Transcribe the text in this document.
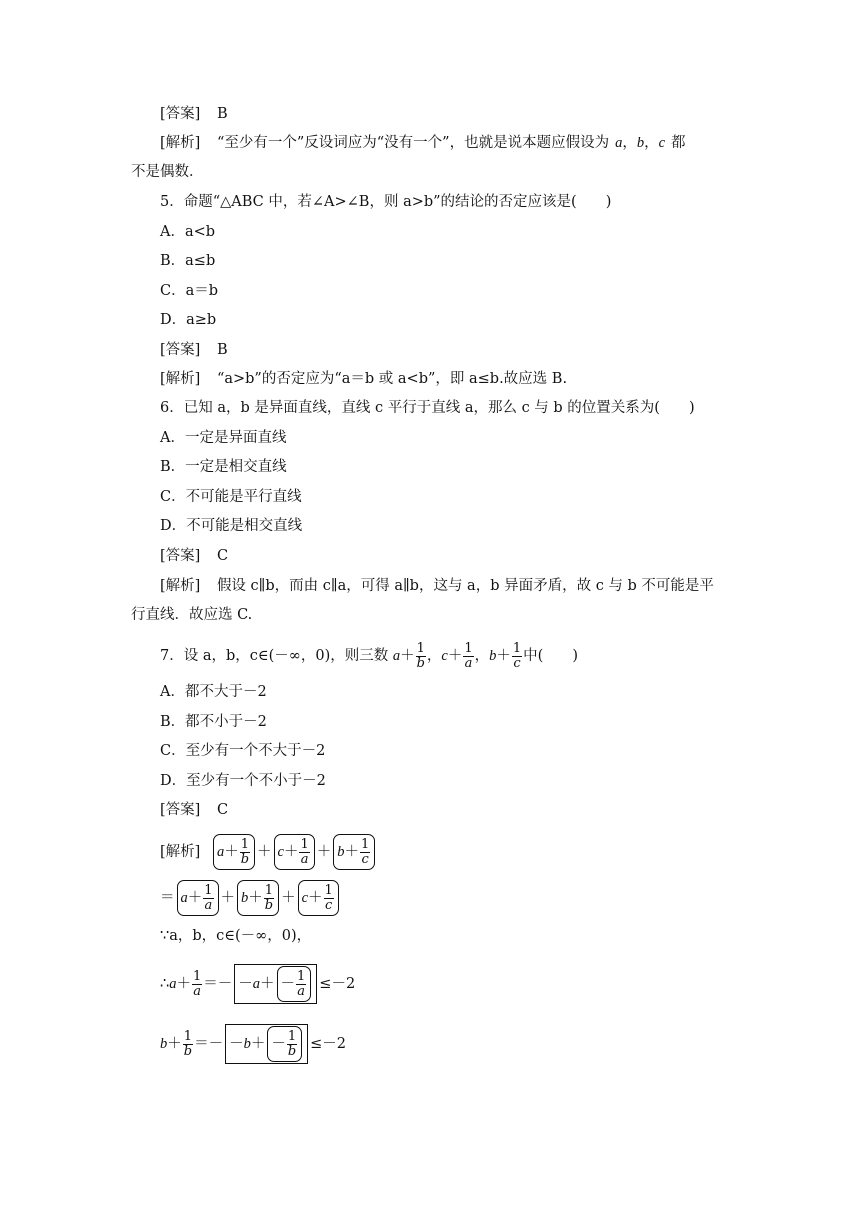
[答案] B
[解析] “至少有一个”反设词应为“没有一个”，也就是说本题应假设为 a，b，c 都
不是偶数．
5．命题“△ABC 中，若∠A>∠B，则 a>b”的结论的否定应该是(　　)
A．a<b
B．a≤b
C．a＝b
D．a≥b
[答案] B
[解析] “a>b”的否定应为“a＝b 或 a<b”，即 a≤b.故应选 B.
6．已知 a，b 是异面直线，直线 c 平行于直线 a，那么 c 与 b 的位置关系为(　　)
A．一定是异面直线
B．一定是相交直线
C．不可能是平行直线
D．不可能是相交直线
[答案] C
[解析] 假设 c∥b，而由 c∥a，可得 a∥b，这与 a，b 异面矛盾，故 c 与 b 不可能是平
行直线．故应选 C.
7．设 a，b，c∈(－∞，0)，则三数 $a+ \frac{1}{b}$ ，$c+ \frac{1}{a}$ ，$b+ \frac{1}{c}$ 中(　　)
A．都不大于－2
B．都不小于－2
C．至少有一个不大于－2
D．至少有一个不小于－2
[答案] C
[解析] $a+ \frac{1}{b} + c+ \frac{1}{a} + b+ \frac{1}{c}$
＝ $a+ \frac{1}{a} + b+ \frac{1}{b} + c+ \frac{1}{c}$
∵a，b，c∈(－∞，0)，
∴a＋ $\frac{1}{a} =- -a+ - \frac{1}{a} \le-2$
$b+ \frac{1}{b} =- -b+ - \frac{1}{b} \le-2$
